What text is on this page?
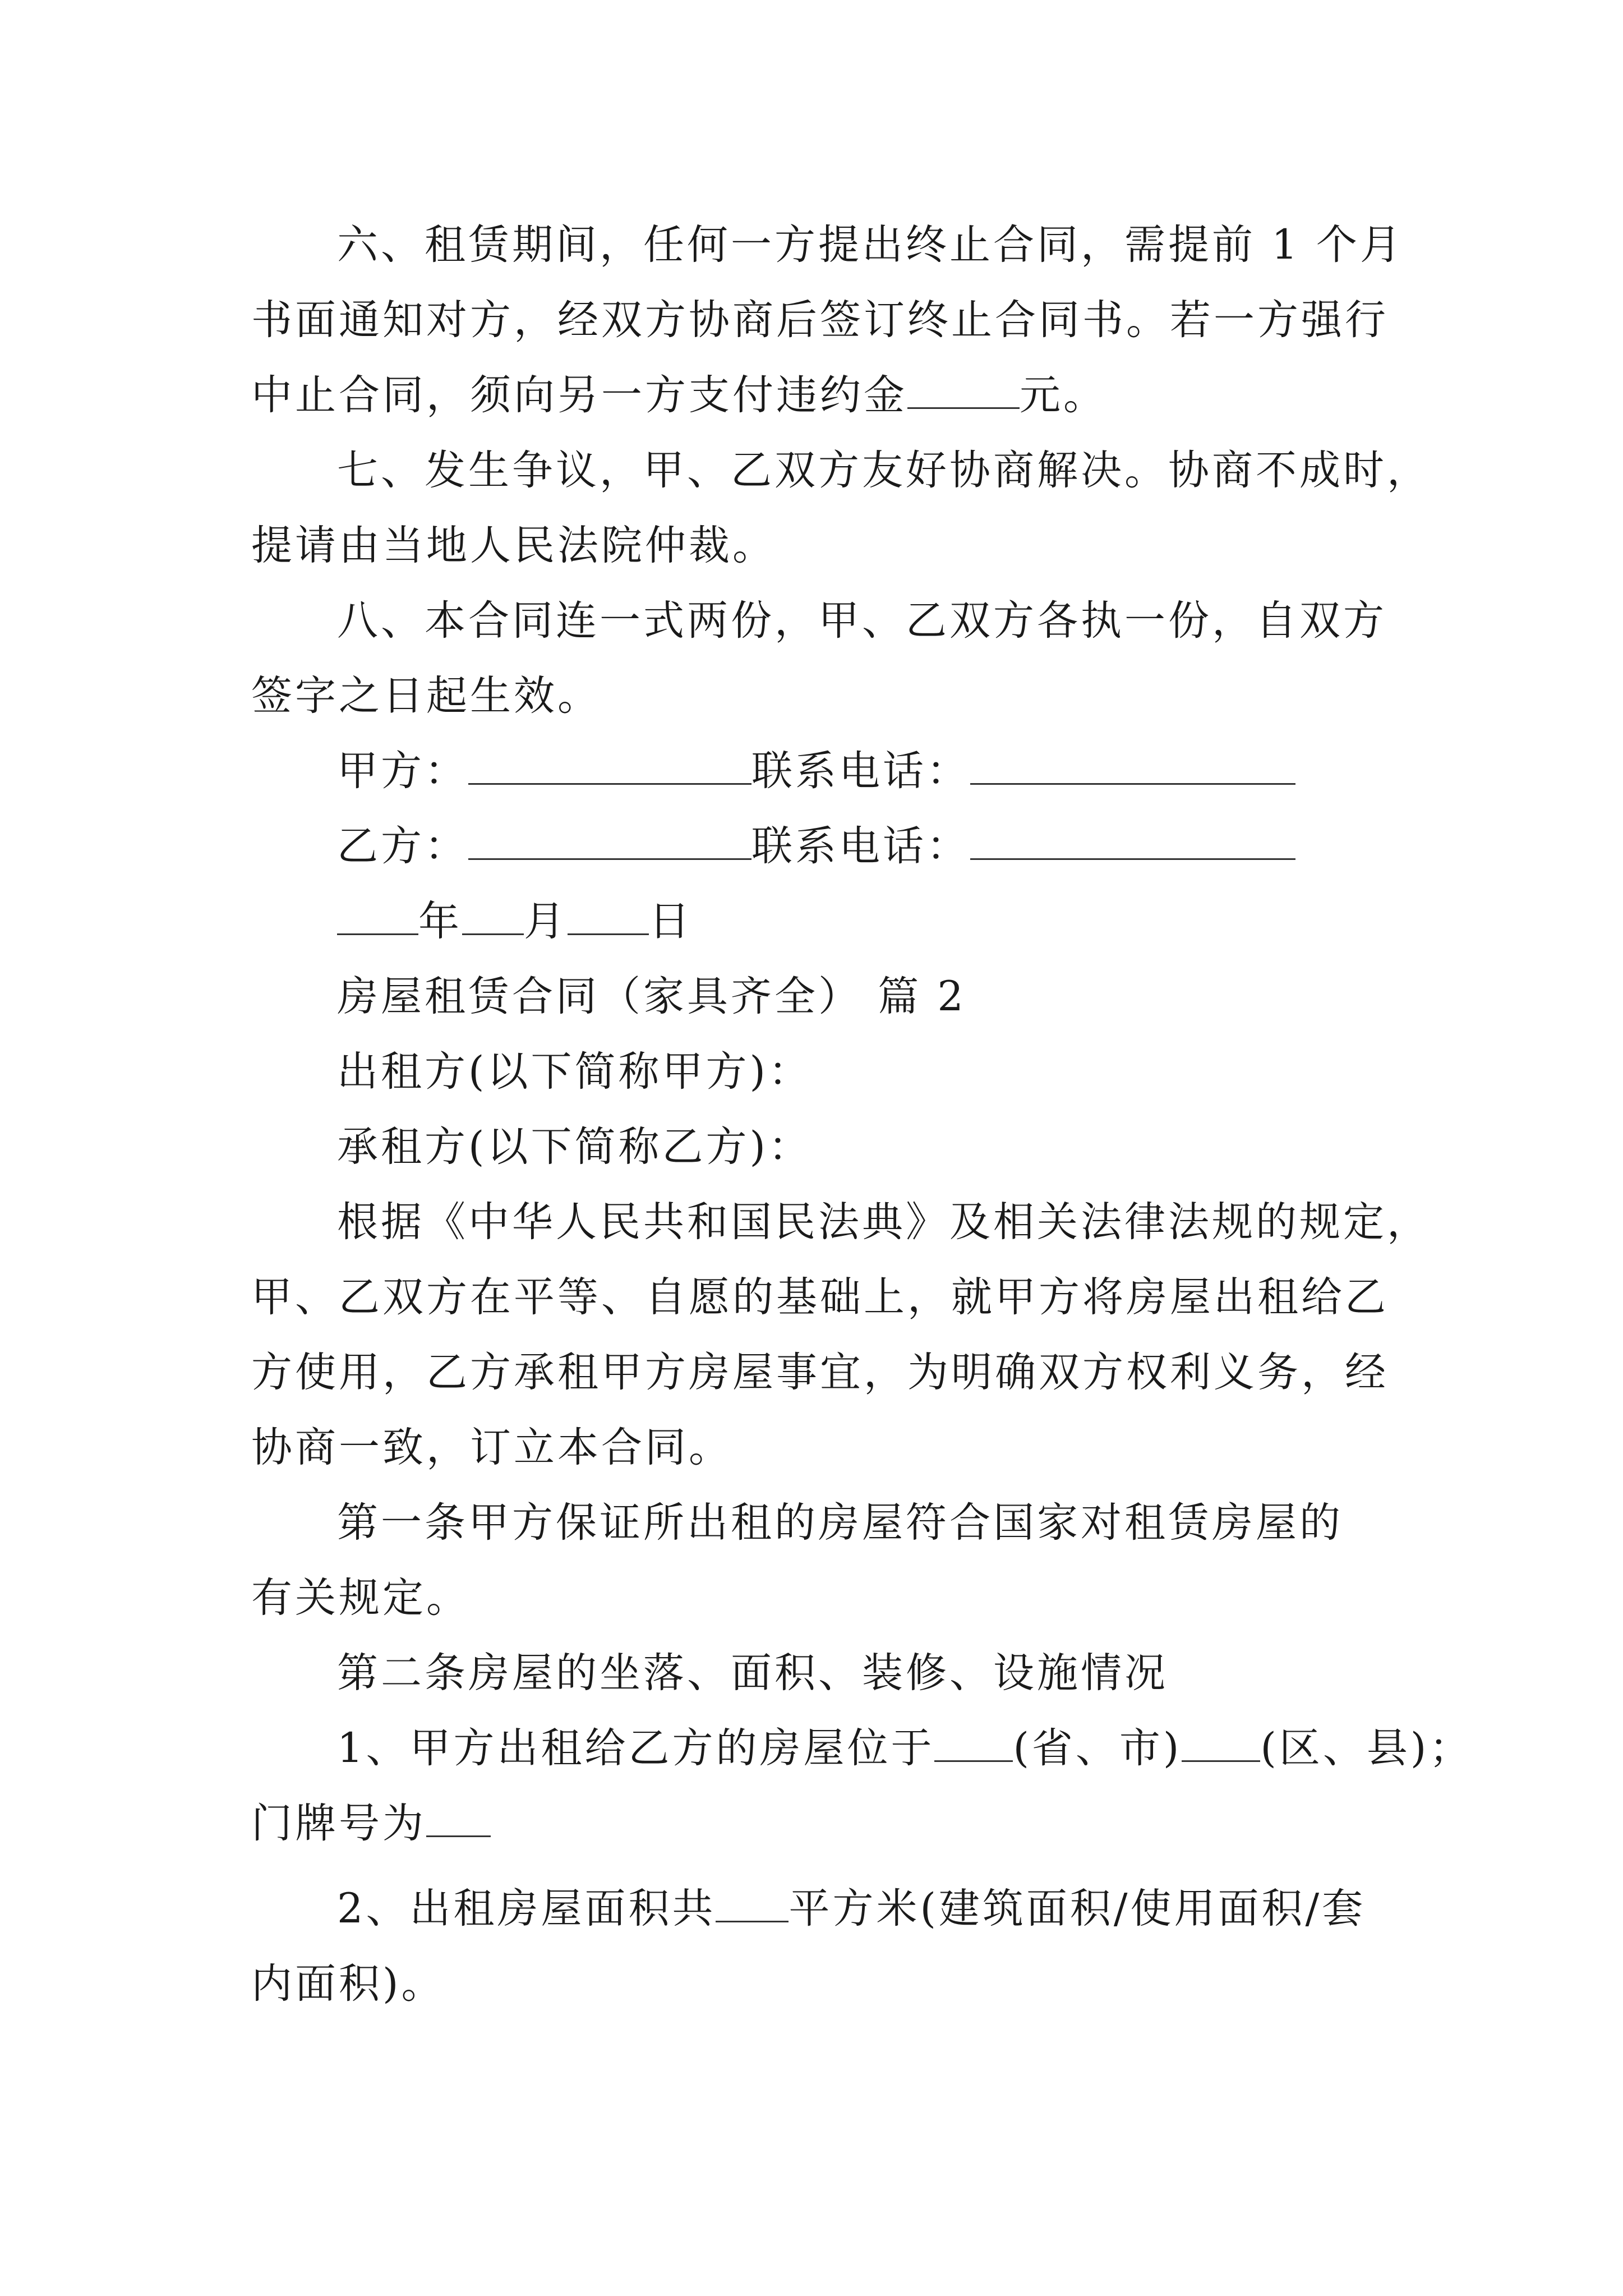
六、租赁期间，任何一方提出终止合同，需提前 1 个月
书面通知对方，经双方协商后签订终止合同书。若一方强行
中止合同，须向另一方支付违约金	元。
七、发生争议，甲、乙双方友好协商解决。协商不成时，
提请由当地人民法院仲裁。
八、本合同连一式两份，甲、乙双方各执一份，自双方
签字之日起生效。
甲方：	联系电话：
乙方：	联系电话：
年 月 日
房屋租赁合同（家具齐全） 篇 2
出租方(以下简称甲方)：
承租方(以下简称乙方)：
根据《中华人民共和国民法典》及相关法律法规的规定，
甲、乙双方在平等、自愿的基础上，就甲方将房屋出租给乙
方使用，乙方承租甲方房屋事宜，为明确双方权利义务，经
协商一致，订立本合同。
第一条甲方保证所出租的房屋符合国家对租赁房屋的
有关规定。
第二条房屋的坐落、面积、装修、设施情况
1、甲方出租给乙方的房屋位于 (省、市) (区、县)；
门牌号为
2、出租房屋面积共 平方米(建筑面积/使用面积/套
内面积)。
